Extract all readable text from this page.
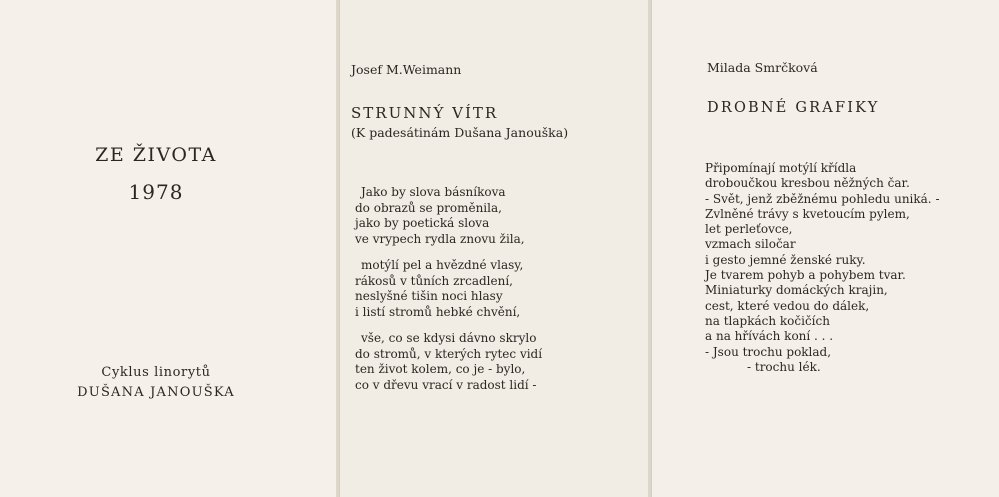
ZE ŽIVOTA
1978
Cyklus linorytů
DUŠANA JANOUŠKA
Josef M.Weimann
STRUNNÝ VÍTR
(K padesátinám Dušana Janouška)
Jako by slova básníkova
do obrazů se proměnila,
jako by poetická slova
ve vrypech rydla znovu žila,
motýlí pel a hvězdné vlasy,
rákosů v tůních zrcadlení,
neslyšné tišin noci hlasy
i listí stromů hebké chvění,
vše, co se kdysi dávno skrylo
do stromů, v kterých rytec vidí
ten život kolem, co je - bylo,
co v dřevu vrací v radost lidí -
Milada Smrčková
DROBNÉ GRAFIKY
Připomínají motýlí křídla
droboučkou kresbou něžných čar.
- Svět, jenž zběžnému pohledu uniká. -
Zvlněné trávy s kvetoucím pylem,
let perleťovce,
vzmach siločar
i gesto jemné ženské ruky.
Je tvarem pohyb a pohybem tvar.
Miniaturky domáckých krajin,
cest, které vedou do dálek,
na tlapkách kočičích
a na hřívách koní . . .
- Jsou trochu poklad,
- trochu lék.
